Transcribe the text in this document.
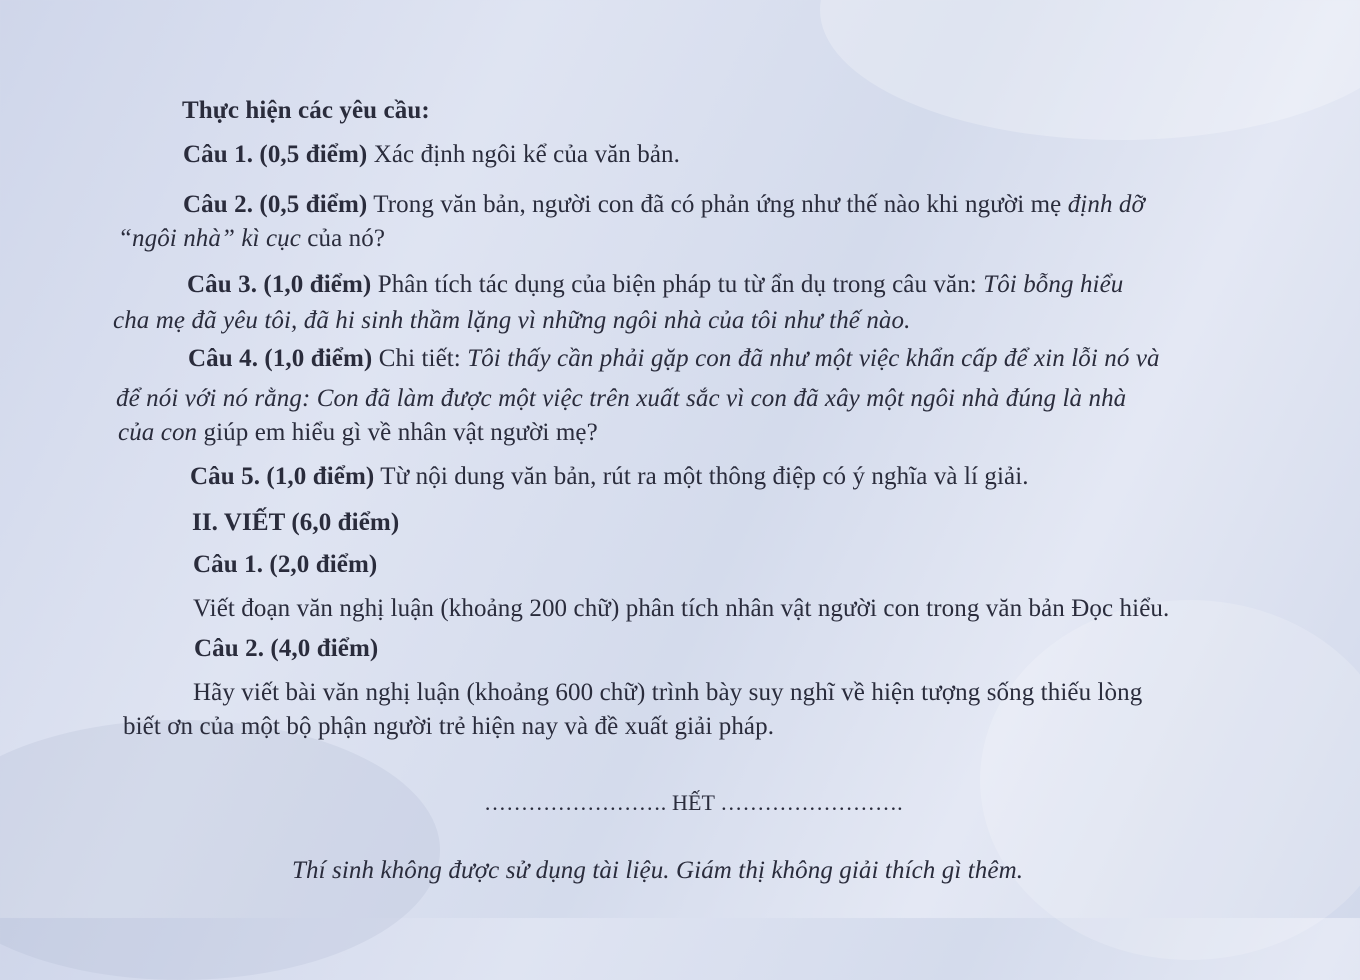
Thực hiện các yêu cầu:
Câu 1. (0,5 điểm) Xác định ngôi kể của văn bản.
Câu 2. (0,5 điểm) Trong văn bản, người con đã có phản ứng như thế nào khi người mẹ định dỡ
“ngôi nhà” kì cục của nó?
Câu 3. (1,0 điểm) Phân tích tác dụng của biện pháp tu từ ẩn dụ trong câu văn: Tôi bỗng hiểu
cha mẹ đã yêu tôi, đã hi sinh thầm lặng vì những ngôi nhà của tôi như thế nào.
Câu 4. (1,0 điểm) Chi tiết: Tôi thấy cần phải gặp con đã như một việc khẩn cấp để xin lỗi nó và
để nói với nó rằng: Con đã làm được một việc trên xuất sắc vì con đã xây một ngôi nhà đúng là nhà
của con giúp em hiểu gì về nhân vật người mẹ?
Câu 5. (1,0 điểm) Từ nội dung văn bản, rút ra một thông điệp có ý nghĩa và lí giải.
II. VIẾT (6,0 điểm)
Câu 1. (2,0 điểm)
Viết đoạn văn nghị luận (khoảng 200 chữ) phân tích nhân vật người con trong văn bản Đọc hiểu.
Câu 2. (4,0 điểm)
Hãy viết bài văn nghị luận (khoảng 600 chữ) trình bày suy nghĩ về hiện tượng sống thiếu lòng
biết ơn của một bộ phận người trẻ hiện nay và đề xuất giải pháp.
……………………. HẾT …………………….
Thí sinh không được sử dụng tài liệu. Giám thị không giải thích gì thêm.
